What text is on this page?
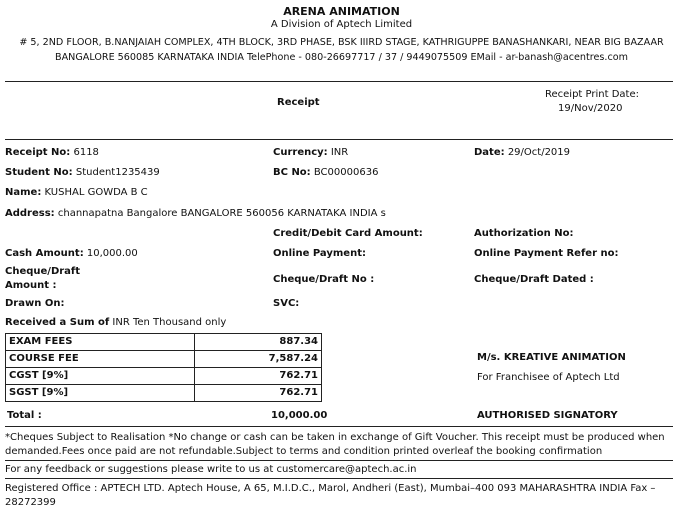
ARENA ANIMATION
A Division of Aptech Limited
# 5, 2ND FLOOR, B.NANJAIAH COMPLEX, 4TH BLOCK, 3RD PHASE, BSK IIIRD STAGE, KATHRIGUPPE BANASHANKARI, NEAR BIG BAZAAR
BANGALORE 560085 KARNATAKA INDIA TelePhone - 080-26697717 / 37 / 9449075509 EMail - ar-banash@acentres.com
Receipt
Receipt Print Date:
19/Nov/2020
Receipt No: 6118	Currency: INR	Date: 29/Oct/2019
Student No: Student1235439	BC No: BC00000636
Name: KUSHAL GOWDA B C
Address: channapatna Bangalore BANGALORE 560056 KARNATAKA INDIA s
Credit/Debit Card Amount:	Authorization No:
Cash Amount: 10,000.00	Online Payment:	Online Payment Refer no:
Cheque/Draft
Amount :
Cheque/Draft No :	Cheque/Draft Dated :
Drawn On:	SVC:
Received a Sum of INR Ten Thousand only
EXAM FEES	887.34
COURSE FEE	7,587.24
CGST [9%]	762.71
SGST [9%]	762.71
M/s. KREATIVE ANIMATION
For Franchisee of Aptech Ltd
Total :	10,000.00	AUTHORISED SIGNATORY
*Cheques Subject to Realisation *No change or cash can be taken in exchange of Gift Voucher. This receipt must be produced when demanded.Fees once paid are not refundable.Subject to terms and condition printed overleaf the booking confirmation
For any feedback or suggestions please write to us at customercare@aptech.ac.in
Registered Office : APTECH LTD. Aptech House, A 65, M.I.D.C., Marol, Andheri (East), Mumbai–400 093 MAHARASHTRA INDIA Fax – 28272399
